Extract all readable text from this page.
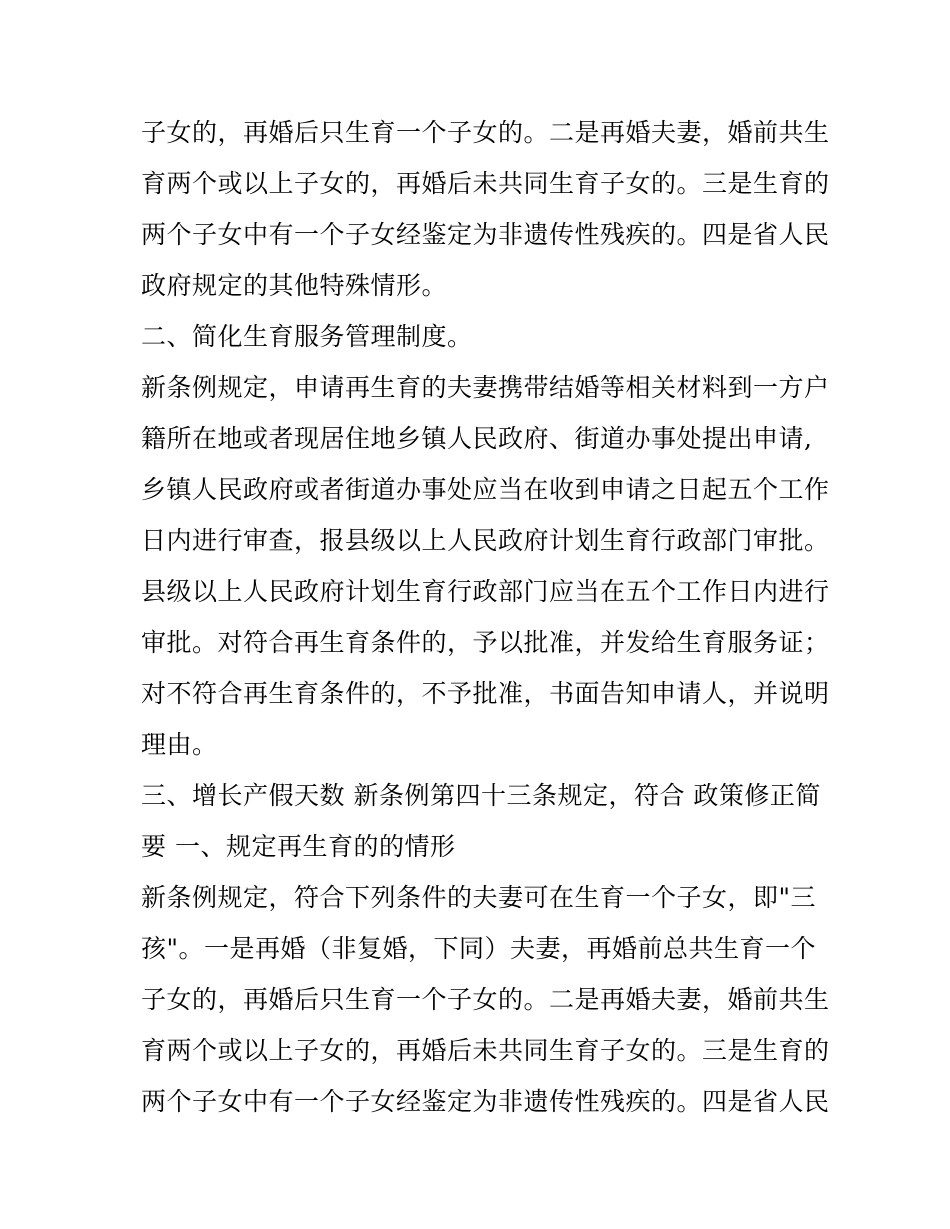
子女的，再婚后只生育一个子女的。二是再婚夫妻，婚前共生
育两个或以上子女的，再婚后未共同生育子女的。三是生育的
两个子女中有一个子女经鉴定为非遗传性残疾的。四是省人民
政府规定的其他特殊情形。
二、简化生育服务管理制度。
新条例规定，申请再生育的夫妻携带结婚等相关材料到一方户
籍所在地或者现居住地乡镇人民政府、街道办事处提出申请,
乡镇人民政府或者街道办事处应当在收到申请之日起五个工作
日内进行审查，报县级以上人民政府计划生育行政部门审批。
县级以上人民政府计划生育行政部门应当在五个工作日内进行
审批。对符合再生育条件的，予以批准，并发给生育服务证；
对不符合再生育条件的，不予批准，书面告知申请人，并说明
理由。
三、增长产假天数 新条例第四十三条规定，符合 政策修正简
要 一、规定再生育的的情形
新条例规定，符合下列条件的夫妻可在生育一个子女，即"三
孩"。一是再婚（非复婚，下同）夫妻，再婚前总共生育一个
子女的，再婚后只生育一个子女的。二是再婚夫妻，婚前共生
育两个或以上子女的，再婚后未共同生育子女的。三是生育的
两个子女中有一个子女经鉴定为非遗传性残疾的。四是省人民
